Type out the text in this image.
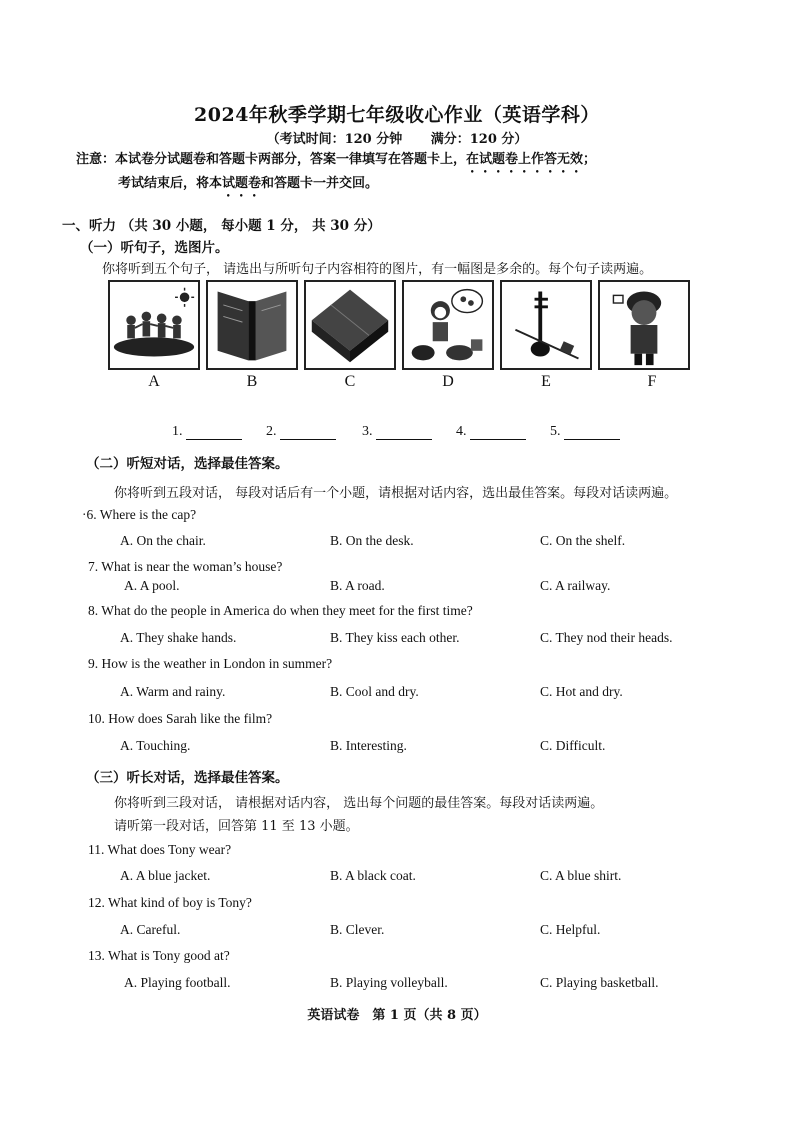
2024年秋季学期七年级收心作业（英语学科）
（考试时间：120 分钟 满分：120 分）
注意：本试卷分试题卷和答题卡两部分，答案一律填写在答题卡上，在试题卷上作答无效；
考试结束后，将本试题卷和答题卡一并交回。
一、听力 （共 30 小题， 每小题 1 分， 共 30 分）
（一）听句子，选图片。
你将听到五个句子， 请选出与所听句子内容相符的图片，有一幅图是多余的。每个句子读两遍。
A	B	C	D	E	F
1.	2.	3.	4.	5.
（二）听短对话，选择最佳答案。
你将听到五段对话， 每段对话后有一个小题，请根据对话内容，选出最佳答案。每段对话读两遍。
·6. Where is the cap?
A. On the chair.	B. On the desk.	C. On the shelf.
7. What is near the woman’s house?
A. A pool.	B. A road.	C. A railway.
8. What do the people in America do when they meet for the first time?
A. They shake hands.	B. They kiss each other.	C. They nod their heads.
9. How is the weather in London in summer?
A. Warm and rainy.	B. Cool and dry.	C. Hot and dry.
10. How does Sarah like the film?
A. Touching.	B. Interesting.	C. Difficult.
（三）听长对话，选择最佳答案。
你将听到三段对话， 请根据对话内容， 选出每个问题的最佳答案。每段对话读两遍。
请听第一段对话，回答第 11 至 13 小题。
11. What does Tony wear?
A. A blue jacket.	B. A black coat.	C. A blue shirt.
12. What kind of boy is Tony?
A. Careful.	B. Clever.	C. Helpful.
13. What is Tony good at?
A. Playing football.	B. Playing volleyball.	C. Playing basketball.
英语试卷　第 1 页（共 8 页）
